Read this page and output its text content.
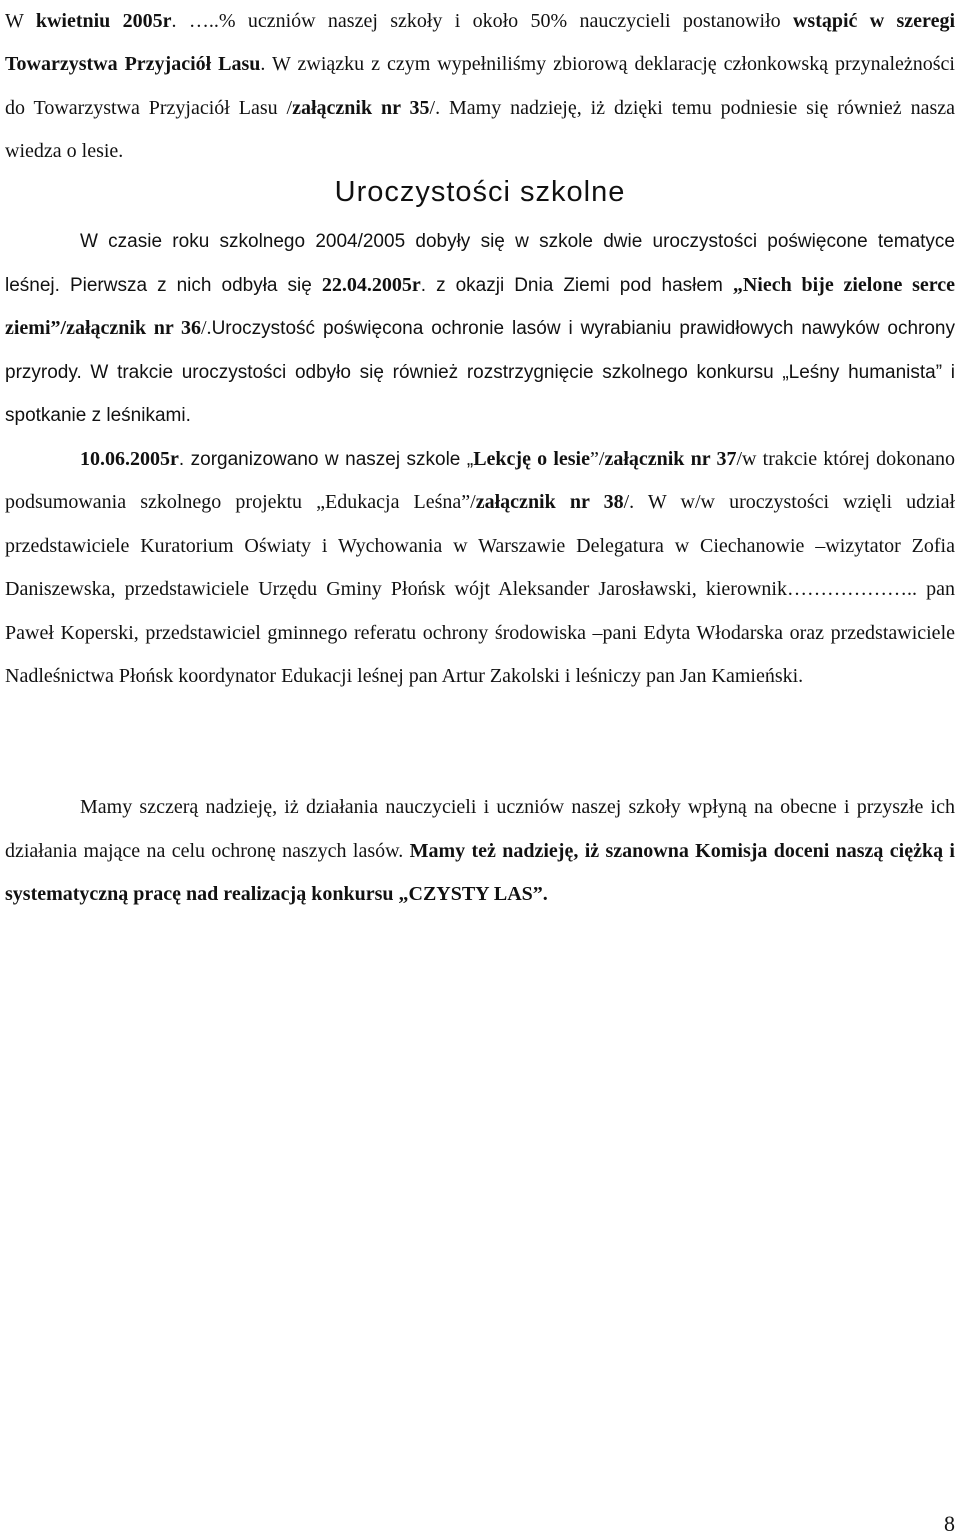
W kwietniu 2005r. …..% uczniów naszej szkoły i około 50% nauczycieli postanowiło wstąpić w szeregi Towarzystwa Przyjaciół Lasu. W związku z czym wypełniliśmy zbiorową deklarację członkowską przynależności do Towarzystwa Przyjaciół Lasu /załącznik nr 35/. Mamy nadzieję, iż dzięki temu podniesie się również nasza wiedza o lesie.

Uroczystości szkolne

W czasie roku szkolnego 2004/2005 dobyły się w szkole dwie uroczystości poświęcone tematyce leśnej. Pierwsza z nich odbyła się 22.04.2005r. z okazji Dnia Ziemi pod hasłem „Niech bije zielone serce ziemi”/załącznik nr 36/.Uroczystość poświęcona ochronie lasów i wyrabianiu prawidłowych nawyków ochrony przyrody. W trakcie uroczystości odbyło się również rozstrzygnięcie szkolnego konkursu „Leśny humanista” i spotkanie z leśnikami.
10.06.2005r. zorganizowano w naszej szkole „Lekcję o lesie”/załącznik nr 37/w trakcie której dokonano podsumowania szkolnego projektu „Edukacja Leśna”/załącznik nr 38/. W w/w uroczystości wzięli udział przedstawiciele Kuratorium Oświaty i Wychowania w Warszawie Delegatura w Ciechanowie –wizytator Zofia Daniszewska, przedstawiciele Urzędu Gminy Płońsk wójt Aleksander Jarosławski, kierownik……………….. pan Paweł Koperski, przedstawiciel gminnego referatu ochrony środowiska –pani Edyta Włodarska oraz przedstawiciele Nadleśnictwa Płońsk koordynator Edukacji leśnej pan Artur Zakolski i leśniczy pan Jan Kamieński.

Mamy szczerą nadzieję, iż działania nauczycieli i uczniów naszej szkoły wpłyną na obecne i przyszłe ich działania mające na celu ochronę naszych lasów. Mamy też nadzieję, iż szanowna Komisja doceni naszą ciężką i systematyczną pracę nad realizacją konkursu „CZYSTY LAS”.

8
